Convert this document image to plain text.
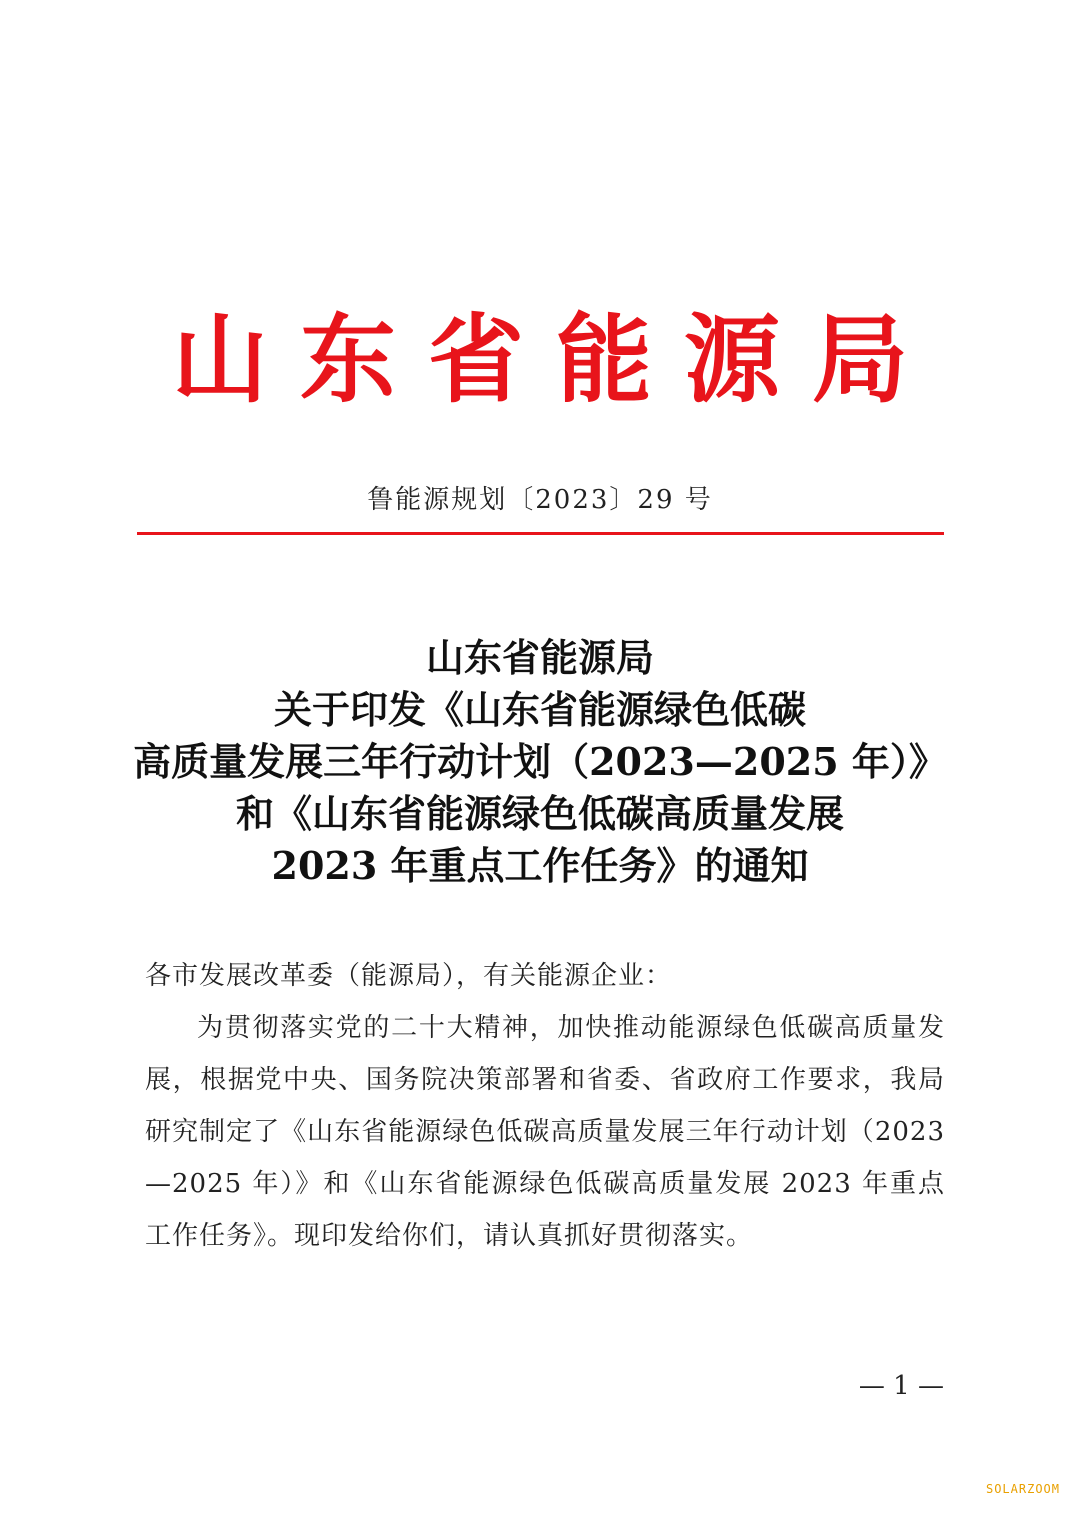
山东省能源局
鲁能源规划〔2023〕29 号
山东省能源局
关于印发《山东省能源绿色低碳
高质量发展三年行动计划（2023—2025 年）》
和《山东省能源绿色低碳高质量发展
2023 年重点工作任务》的通知
各市发展改革委（能源局），有关能源企业：
为贯彻落实党的二十大精神，加快推动能源绿色低碳高质量发展，根据党中央、国务院决策部署和省委、省政府工作要求，我局研究制定了《山东省能源绿色低碳高质量发展三年行动计划（2023—2025 年）》和《山东省能源绿色低碳高质量发展 2023 年重点工作任务》。现印发给你们，请认真抓好贯彻落实。
— 1 —
SOLARZOOM
